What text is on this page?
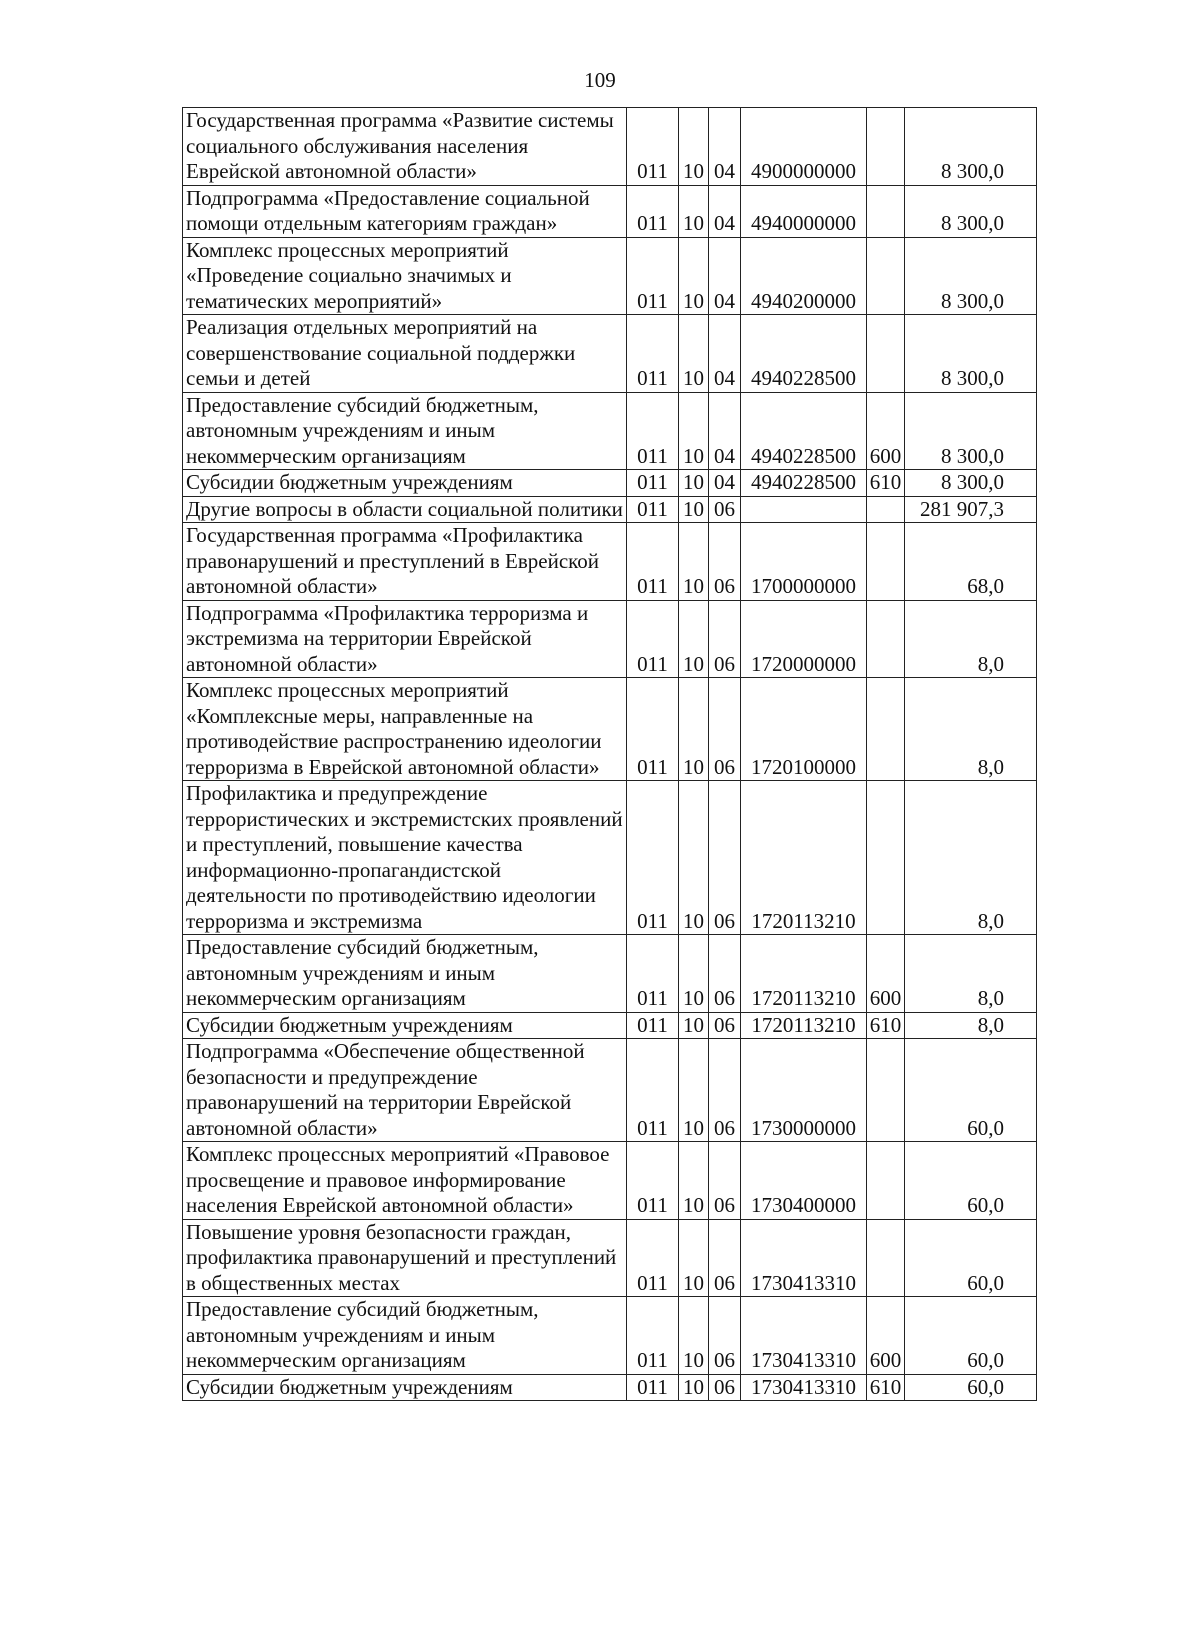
109
Государственная программа «Развитие системы социального обслуживания населения Еврейской автономной области»	011	10	04	4900000000		8 300,0
Подпрограмма «Предоставление социальной помощи отдельным категориям граждан»	011	10	04	4940000000		8 300,0
Комплекс процессных мероприятий «Проведение социально значимых и тематических мероприятий»	011	10	04	4940200000		8 300,0
Реализация отдельных мероприятий на совершенствование социальной поддержки семьи и детей	011	10	04	4940228500		8 300,0
Предоставление субсидий бюджетным, автономным учреждениям и иным некоммерческим организациям	011	10	04	4940228500	600	8 300,0
Субсидии бюджетным учреждениям	011	10	04	4940228500	610	8 300,0
Другие вопросы в области социальной политики	011	10	06			281 907,3
Государственная программа «Профилактика правонарушений и преступлений в Еврейской автономной области»	011	10	06	1700000000		68,0
Подпрограмма «Профилактика терроризма и экстремизма на территории Еврейской автономной области»	011	10	06	1720000000		8,0
Комплекс процессных мероприятий «Комплексные меры, направленные на противодействие распространению идеологии терроризма в Еврейской автономной области»	011	10	06	1720100000		8,0
Профилактика и предупреждение террористических и экстремистских проявлений и преступлений, повышение качества информационно-пропагандистской деятельности по противодействию идеологии терроризма и экстремизма	011	10	06	1720113210		8,0
Предоставление субсидий бюджетным, автономным учреждениям и иным некоммерческим организациям	011	10	06	1720113210	600	8,0
Субсидии бюджетным учреждениям	011	10	06	1720113210	610	8,0
Подпрограмма «Обеспечение общественной безопасности и предупреждение правонарушений на территории Еврейской автономной области»	011	10	06	1730000000		60,0
Комплекс процессных мероприятий «Правовое просвещение и правовое информирование населения Еврейской автономной области»	011	10	06	1730400000		60,0
Повышение уровня безопасности граждан, профилактика правонарушений и преступлений в общественных местах	011	10	06	1730413310		60,0
Предоставление субсидий бюджетным, автономным учреждениям и иным некоммерческим организациям	011	10	06	1730413310	600	60,0
Субсидии бюджетным учреждениям	011	10	06	1730413310	610	60,0
